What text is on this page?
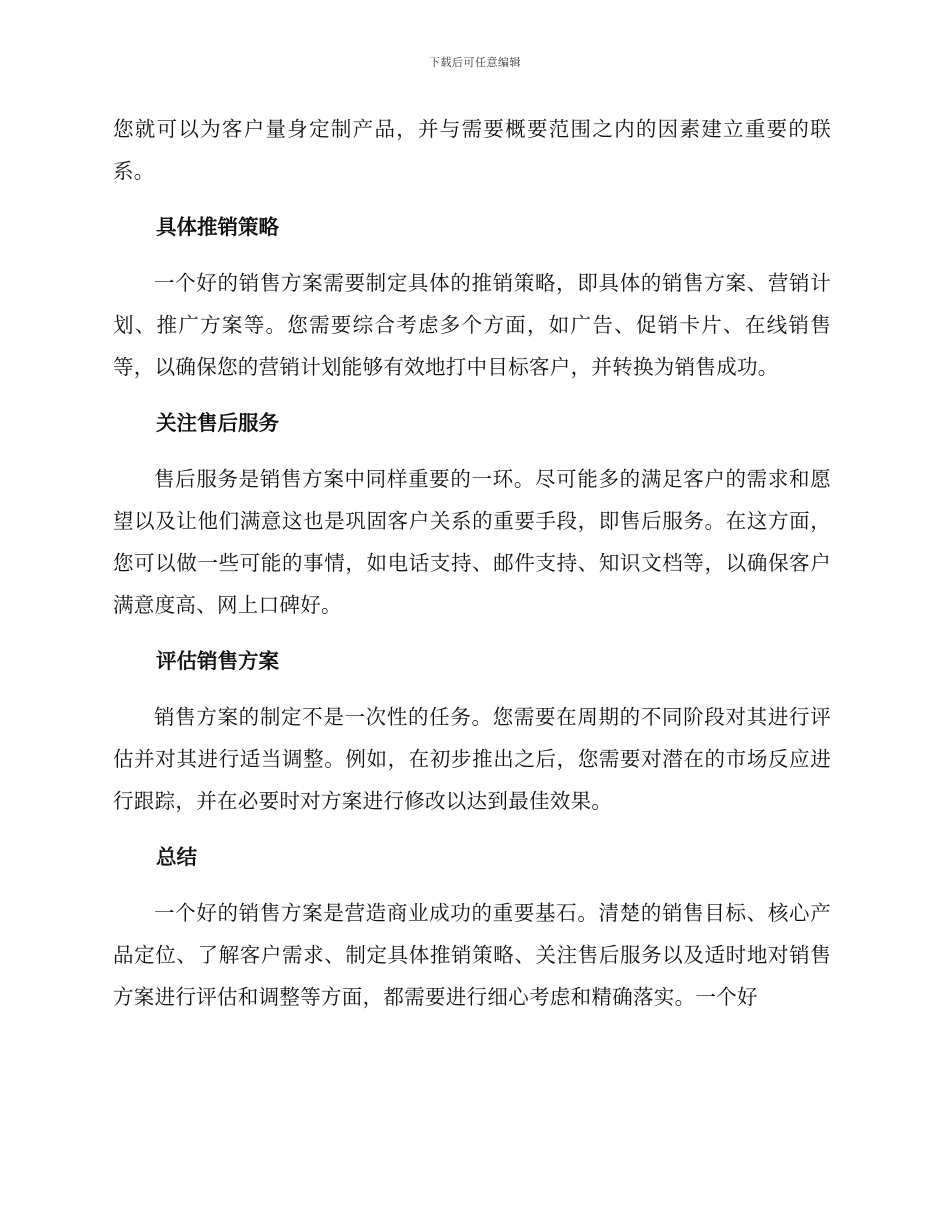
下载后可任意编辑

您就可以为客户量身定制产品，并与需要概要范围之内的因素建立重要的联系。

具体推销策略

一个好的销售方案需要制定具体的推销策略，即具体的销售方案、营销计划、推广方案等。您需要综合考虑多个方面，如广告、促销卡片、在线销售等，以确保您的营销计划能够有效地打中目标客户，并转换为销售成功。

关注售后服务

售后服务是销售方案中同样重要的一环。尽可能多的满足客户的需求和愿望以及让他们满意这也是巩固客户关系的重要手段，即售后服务。在这方面，您可以做一些可能的事情，如电话支持、邮件支持、知识文档等，以确保客户满意度高、网上口碑好。

评估销售方案

销售方案的制定不是一次性的任务。您需要在周期的不同阶段对其进行评估并对其进行适当调整。例如，在初步推出之后，您需要对潜在的市场反应进行跟踪，并在必要时对方案进行修改以达到最佳效果。

总结

一个好的销售方案是营造商业成功的重要基石。清楚的销售目标、核心产品定位、了解客户需求、制定具体推销策略、关注售后服务以及适时地对销售方案进行评估和调整等方面，都需要进行细心考虑和精确落实。一个好
